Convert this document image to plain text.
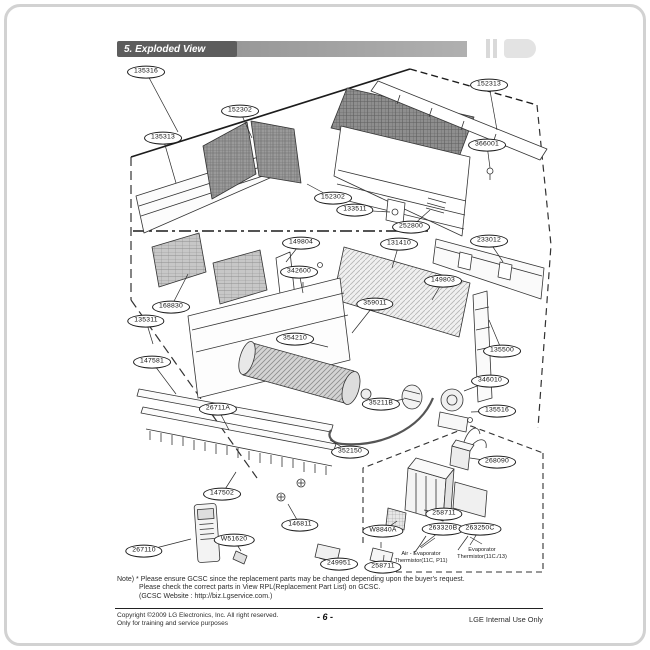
5. Exploded View
135316
152302
135313
152313
366001
152302
133511
252800
149804	131410	233012
342600
149803
168830
135311
359011
354210
135500
346010
135516
35211B
147581
26711A
352150
147502
146811
268090
258711
263320B	263250C
W8840A
258711
W51620
267110
249951
Air - Evaporator
Thermistor(11C, P11)
Evaporator
Thermistor(11C./13)
Note) * Please ensure GCSC since the replacement parts may be changed depending upon the buyer's request.
Please check the correct parts in View RPL(Replacement Part List) on GCSC.
(GCSC Website : http://biz.Lgservice.com.)
Copyright ©2009 LG Electronics, Inc. All right reserved.
Only for training and service purposes
- 6 -	LGE Internal Use Only
